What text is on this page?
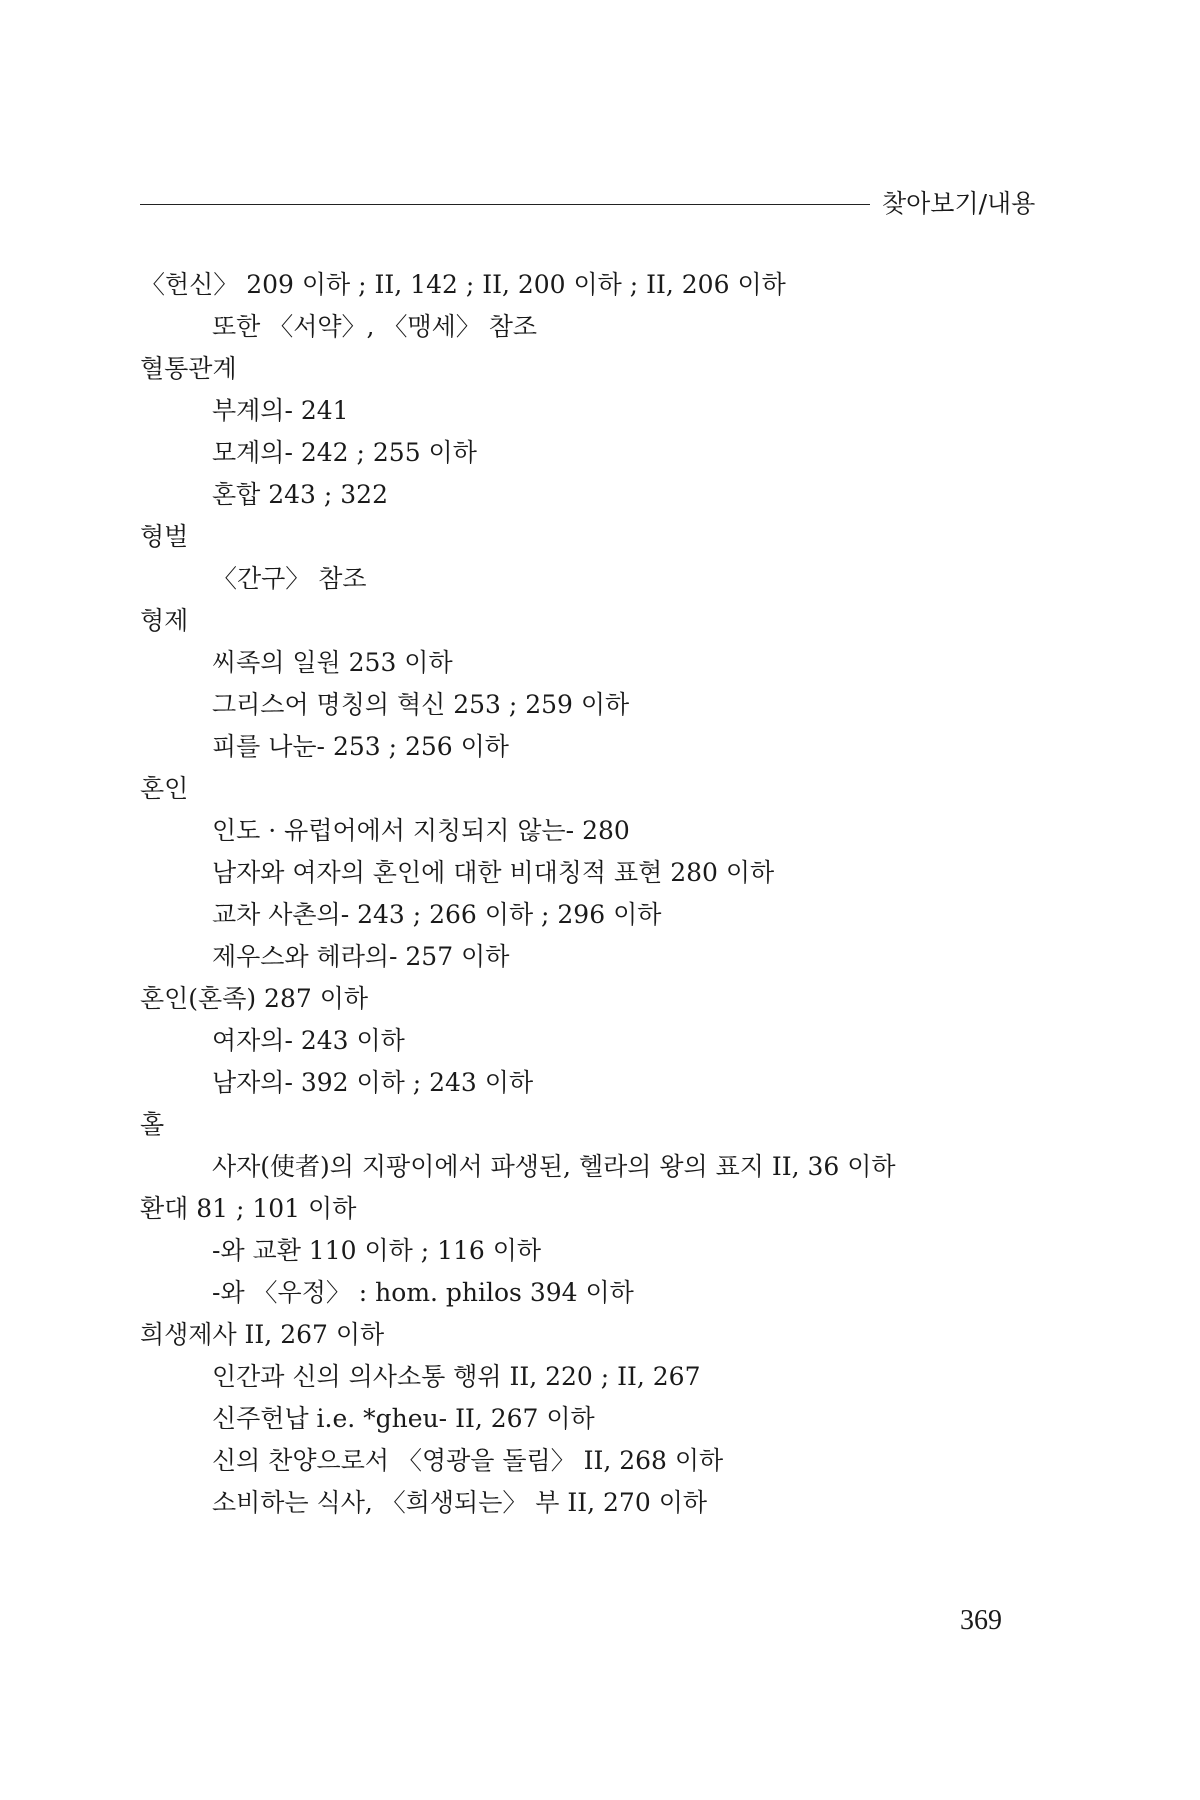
찾아보기/내용
〈헌신〉 209 이하 ; II, 142 ; II, 200 이하 ; II, 206 이하
또한 〈서약〉, 〈맹세〉 참조
혈통관계
부계의- 241
모계의- 242 ; 255 이하
혼합 243 ; 322
형벌
〈간구〉 참조
형제
씨족의 일원 253 이하
그리스어 명칭의 혁신 253 ; 259 이하
피를 나눈- 253 ; 256 이하
혼인
인도 · 유럽어에서 지칭되지 않는- 280
남자와 여자의 혼인에 대한 비대칭적 표현 280 이하
교차 사촌의- 243 ; 266 이하 ; 296 이하
제우스와 헤라의- 257 이하
혼인(혼족) 287 이하
여자의- 243 이하
남자의- 392 이하 ; 243 이하
홀
사자(使者)의 지팡이에서 파생된, 헬라의 왕의 표지 II, 36 이하
환대 81 ; 101 이하
-와 교환 110 이하 ; 116 이하
-와 〈우정〉 : hom. philos 394 이하
희생제사 II, 267 이하
인간과 신의 의사소통 행위 II, 220 ; II, 267
신주헌납 i.e. *gheu- II, 267 이하
신의 찬양으로서 〈영광을 돌림〉 II, 268 이하
소비하는 식사, 〈희생되는〉 부 II, 270 이하
369
